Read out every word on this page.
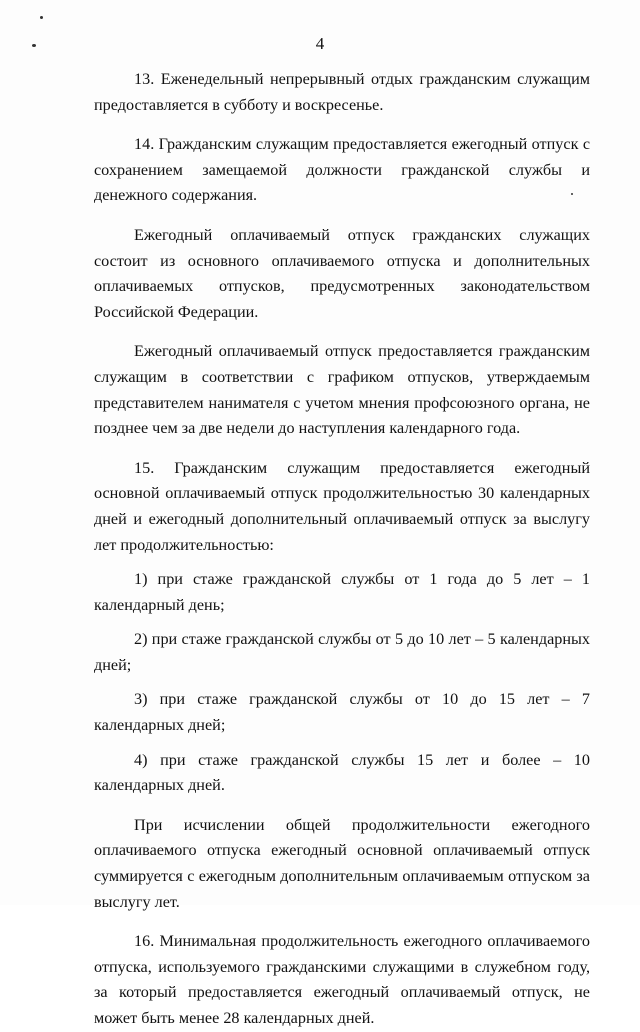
4

13. Еженедельный непрерывный отдых гражданским служащим предоставляется в субботу и воскресенье.

14. Гражданским служащим предоставляется ежегодный отпуск с сохранением замещаемой должности гражданской службы и денежного содержания.

Ежегодный оплачиваемый отпуск гражданских служащих состоит из основного оплачиваемого отпуска и дополнительных оплачиваемых отпусков, предусмотренных законодательством Российской Федерации.

Ежегодный оплачиваемый отпуск предоставляется гражданским служащим в соответствии с графиком отпусков, утверждаемым представителем нанимателя с учетом мнения профсоюзного органа, не позднее чем за две недели до наступления календарного года.

15. Гражданским служащим предоставляется ежегодный основной оплачиваемый отпуск продолжительностью 30 календарных дней и ежегодный дополнительный оплачиваемый отпуск за выслугу лет продолжительностью:

1) при стаже гражданской службы от 1 года до 5 лет – 1 календарный день;

2) при стаже гражданской службы от 5 до 10 лет – 5 календарных дней;

3) при стаже гражданской службы от 10 до 15 лет – 7 календарных дней;

4) при стаже гражданской службы 15 лет и более – 10 календарных дней.

При исчислении общей продолжительности ежегодного оплачиваемого отпуска ежегодный основной оплачиваемый отпуск суммируется с ежегодным дополнительным оплачиваемым отпуском за выслугу лет.

16. Минимальная продолжительность ежегодного оплачиваемого отпуска, используемого гражданскими служащими в служебном году, за который предоставляется ежегодный оплачиваемый отпуск, не может быть менее 28 календарных дней.
